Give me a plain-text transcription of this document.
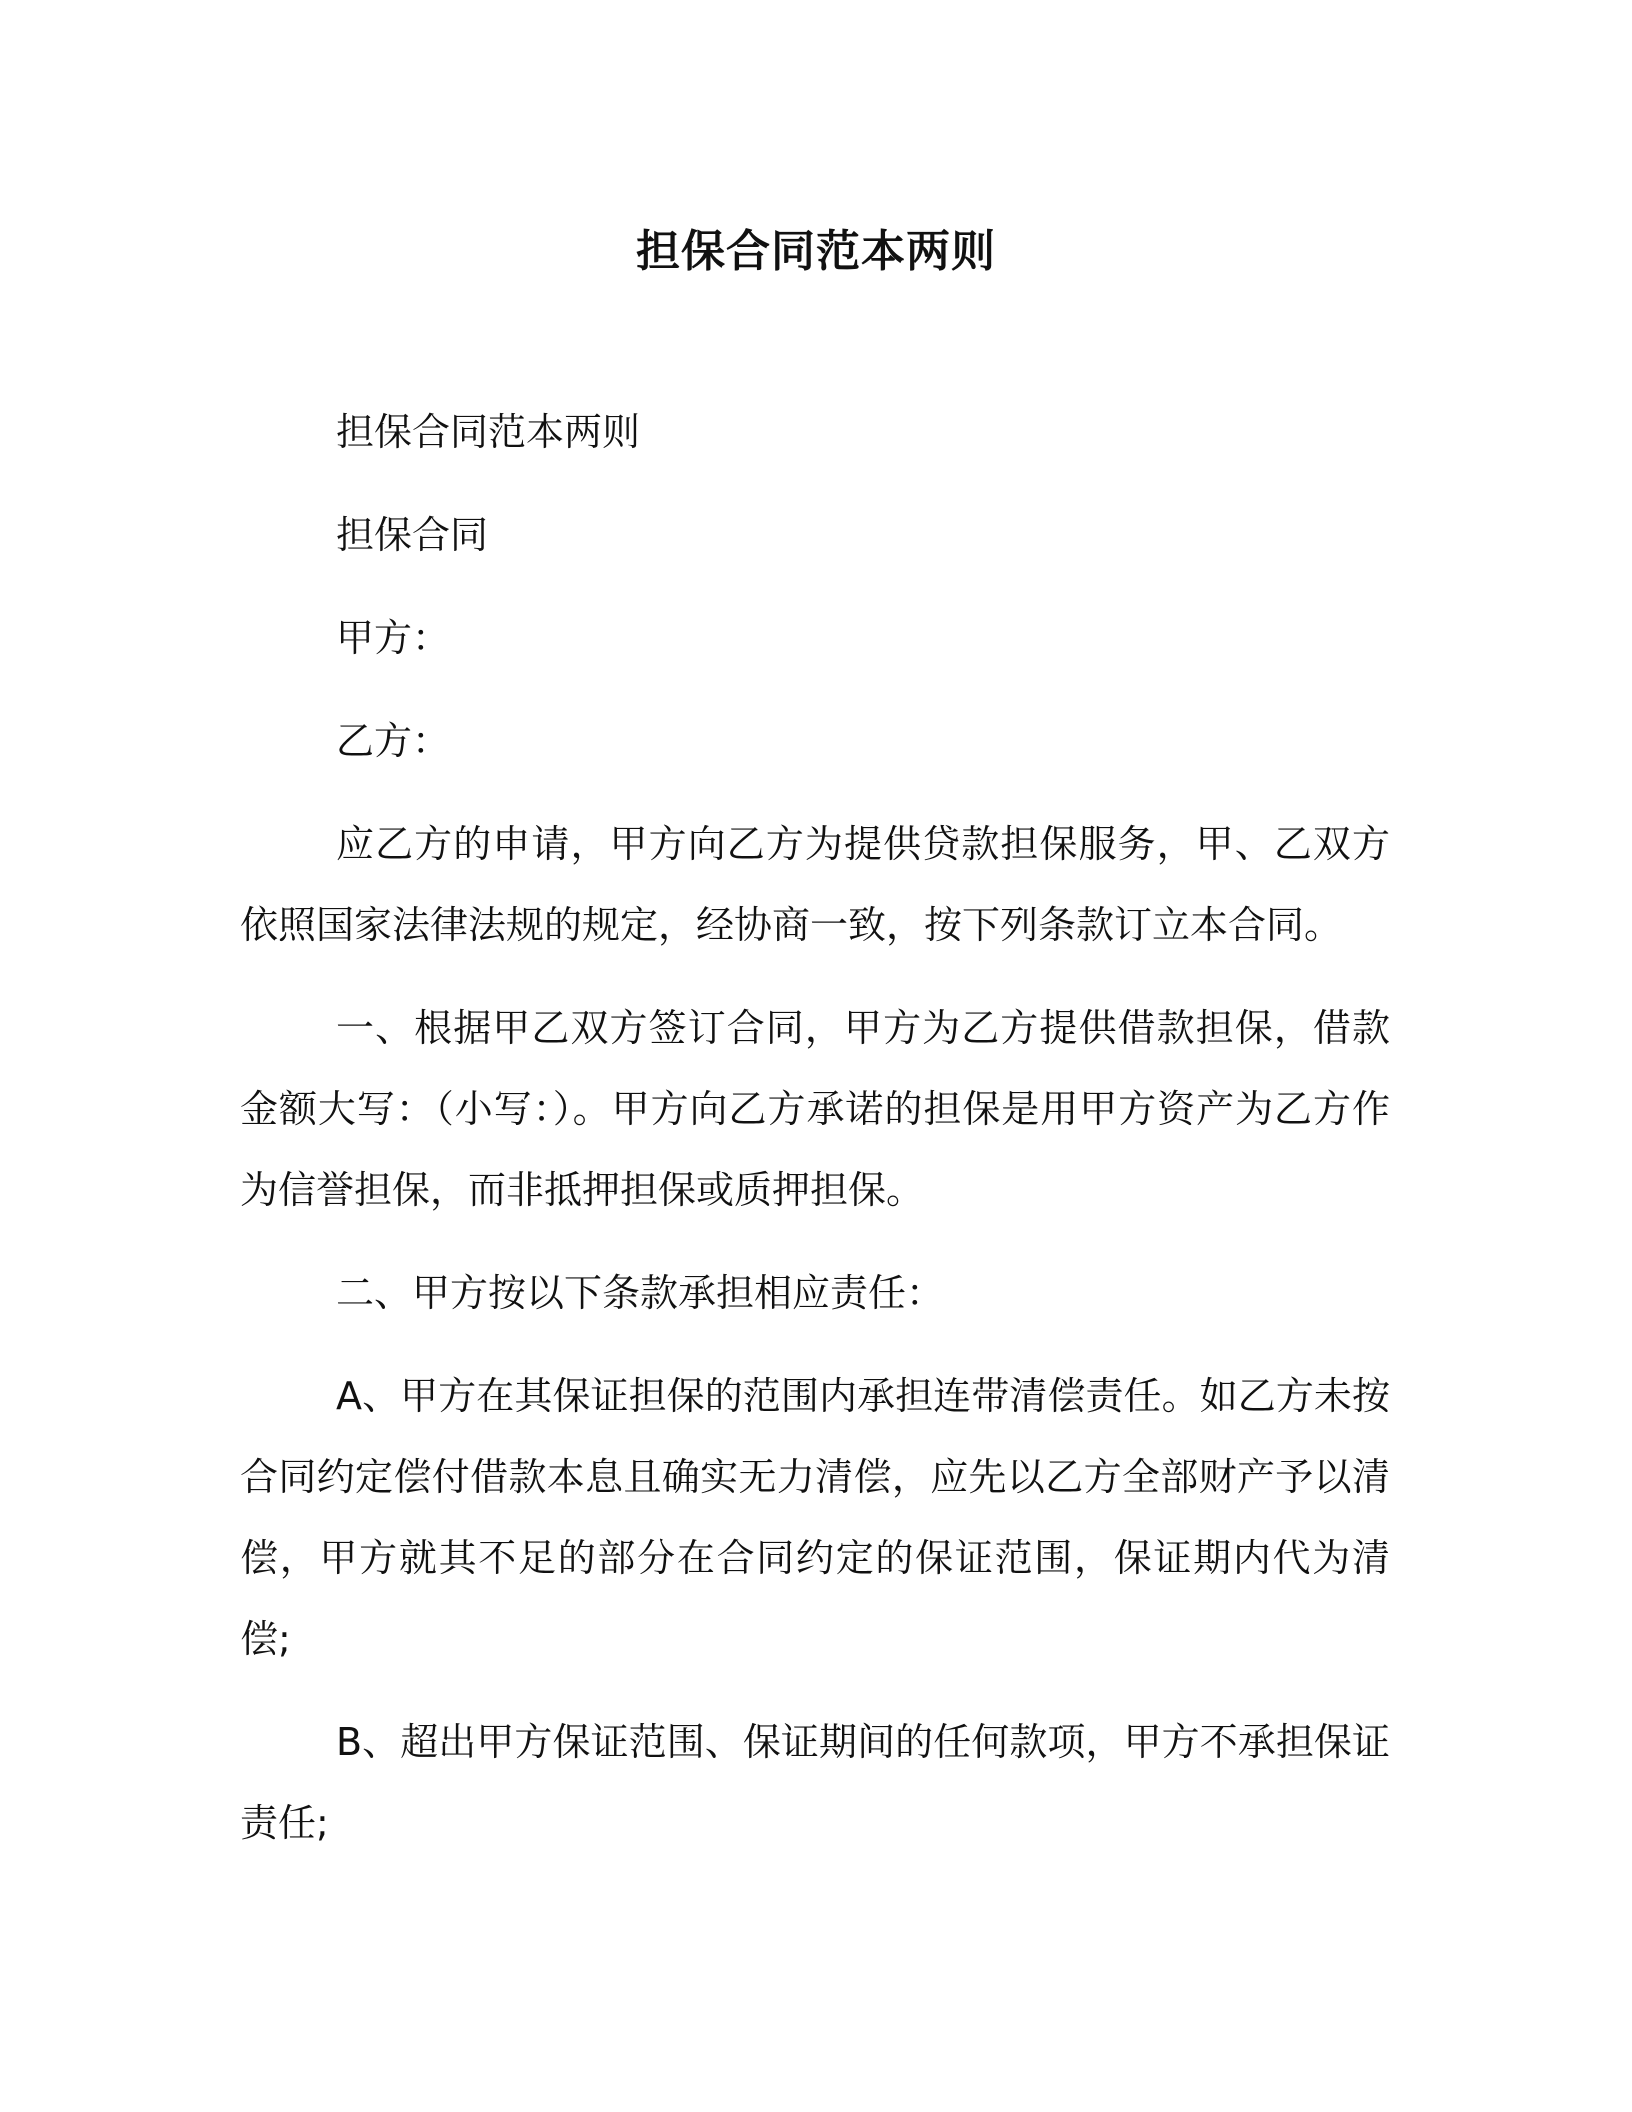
担保合同范本两则

担保合同范本两则

担保合同

甲方：

乙方：

应乙方的申请，甲方向乙方为提供贷款担保服务，甲、乙双方依照国家法律法规的规定，经协商一致，按下列条款订立本合同。

一、根据甲乙双方签订合同，甲方为乙方提供借款担保，借款金额大写：（小写：）。甲方向乙方承诺的担保是用甲方资产为乙方作为信誉担保，而非抵押担保或质押担保。

二、甲方按以下条款承担相应责任：

A、甲方在其保证担保的范围内承担连带清偿责任。如乙方未按合同约定偿付借款本息且确实无力清偿，应先以乙方全部财产予以清偿，甲方就其不足的部分在合同约定的保证范围，保证期内代为清偿;

B、超出甲方保证范围、保证期间的任何款项，甲方不承担保证责任;
